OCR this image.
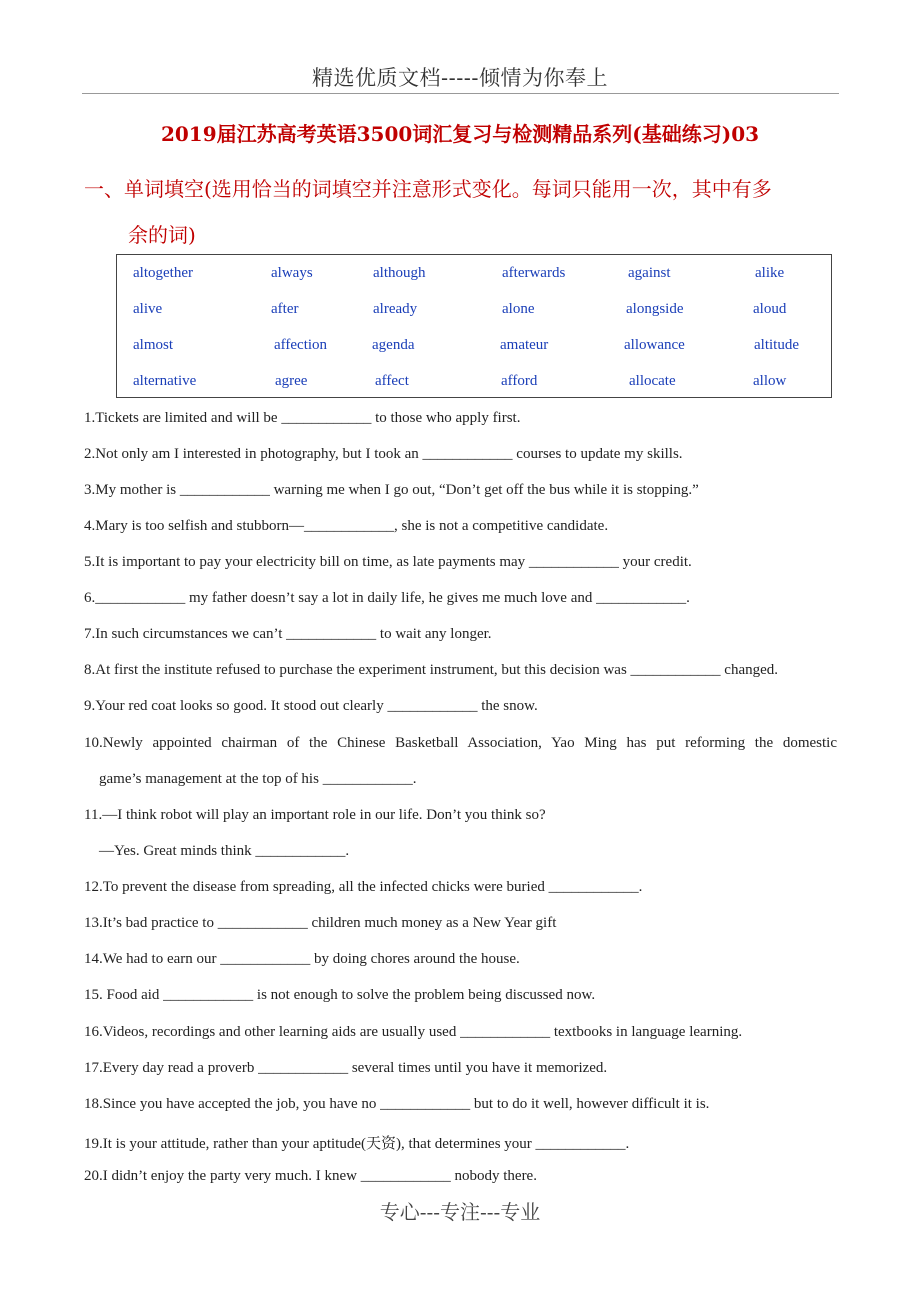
精选优质文档-----倾情为你奉上
2019届江苏高考英语3500词汇复习与检测精品系列(基础练习)03
一、单词填空(选用恰当的词填空并注意形式变化。每词只能用一次，其中有多
余的词)
altogether	always	although	afterwards	against	alike
alive	after	already	alone	alongside	aloud
almost	affection	agenda	amateur	allowance	altitude
alternative	agree	affect	afford	allocate	allow
1.Tickets are limited and will be ____________ to those who apply first.
2.Not only am I interested in photography, but I took an ____________ courses to update my skills.
3.My mother is ____________ warning me when I go out, “Don’t get off the bus while it is stopping.”
4.Mary is too selfish and stubborn—____________, she is not a competitive candidate.
5.It is important to pay your electricity bill on time, as late payments may ____________ your credit.
6.____________ my father doesn’t say a lot in daily life, he gives me much love and ____________.
7.In such circumstances we can’t ____________ to wait any longer.
8.At first the institute refused to purchase the experiment instrument, but this decision was ____________ changed.
9.Your red coat looks so good. It stood out clearly ____________ the snow.
10.Newly appointed chairman of the Chinese Basketball Association, Yao Ming has put reforming the domestic
game’s management at the top of his ____________.
11.—I think robot will play an important role in our life. Don’t you think so?
—Yes. Great minds think ____________.
12.To prevent the disease from spreading, all the infected chicks were buried ____________.
13.It’s bad practice to ____________ children much money as a New Year gift
14.We had to earn our ____________ by doing chores around the house.
15. Food aid ____________ is not enough to solve the problem being discussed now.
16.Videos, recordings and other learning aids are usually used ____________ textbooks in language learning.
17.Every day read a proverb ____________ several times until you have it memorized.
18.Since you have accepted the job, you have no ____________ but to do it well, however difficult it is.
19.It is your attitude, rather than your aptitude(天资), that determines your ____________.
20.I didn’t enjoy the party very much. I knew ____________ nobody there.
专心---专注---专业
